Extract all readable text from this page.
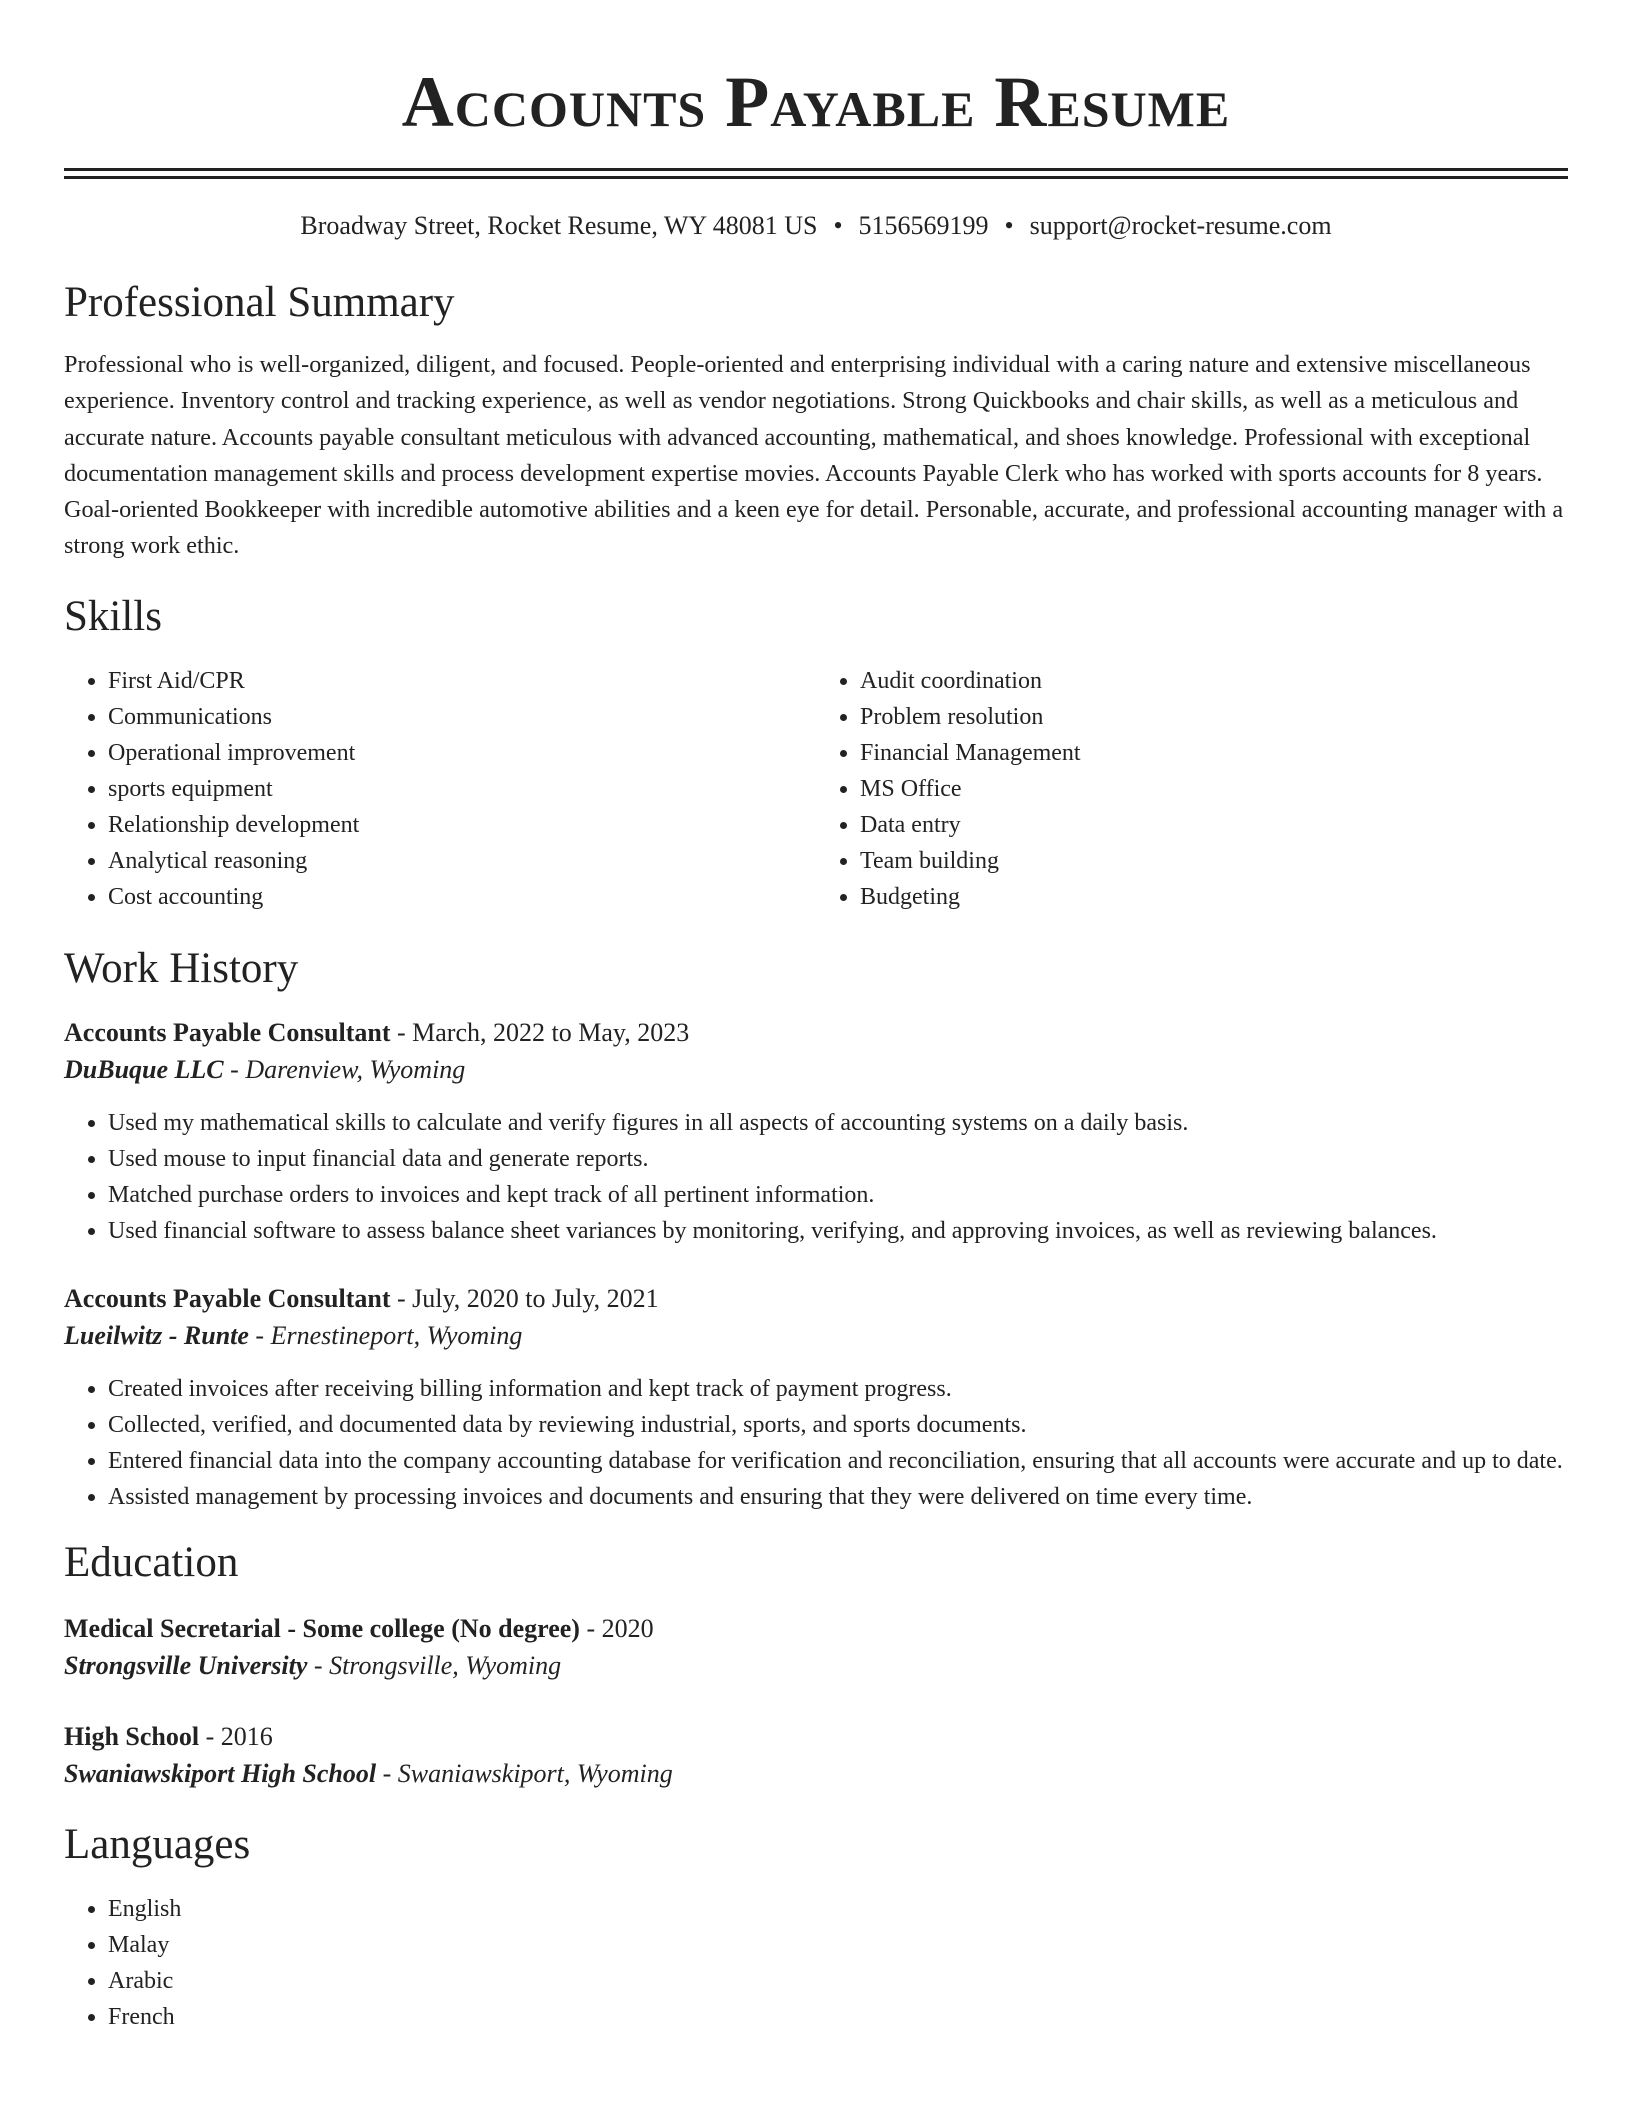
Accounts Payable Resume
Broadway Street, Rocket Resume, WY 48081 US • 5156569199 • support@rocket-resume.com
Professional Summary
Professional who is well-organized, diligent, and focused. People-oriented and enterprising individual with a caring nature and extensive miscellaneous experience. Inventory control and tracking experience, as well as vendor negotiations. Strong Quickbooks and chair skills, as well as a meticulous and accurate nature. Accounts payable consultant meticulous with advanced accounting, mathematical, and shoes knowledge. Professional with exceptional documentation management skills and process development expertise movies. Accounts Payable Clerk who has worked with sports accounts for 8 years. Goal-oriented Bookkeeper with incredible automotive abilities and a keen eye for detail. Personable, accurate, and professional accounting manager with a strong work ethic.
Skills
• First Aid/CPR
• Communications
• Operational improvement
• sports equipment
• Relationship development
• Analytical reasoning
• Cost accounting
• Audit coordination
• Problem resolution
• Financial Management
• MS Office
• Data entry
• Team building
• Budgeting
Work History
Accounts Payable Consultant - March, 2022 to May, 2023
DuBuque LLC - Darenview, Wyoming
• Used my mathematical skills to calculate and verify figures in all aspects of accounting systems on a daily basis.
• Used mouse to input financial data and generate reports.
• Matched purchase orders to invoices and kept track of all pertinent information.
• Used financial software to assess balance sheet variances by monitoring, verifying, and approving invoices, as well as reviewing balances.
Accounts Payable Consultant - July, 2020 to July, 2021
Lueilwitz - Runte - Ernestineport, Wyoming
• Created invoices after receiving billing information and kept track of payment progress.
• Collected, verified, and documented data by reviewing industrial, sports, and sports documents.
• Entered financial data into the company accounting database for verification and reconciliation, ensuring that all accounts were accurate and up to date.
• Assisted management by processing invoices and documents and ensuring that they were delivered on time every time.
Education
Medical Secretarial - Some college (No degree) - 2020
Strongsville University - Strongsville, Wyoming
High School - 2016
Swaniawskiport High School - Swaniawskiport, Wyoming
Languages
• English
• Malay
• Arabic
• French
